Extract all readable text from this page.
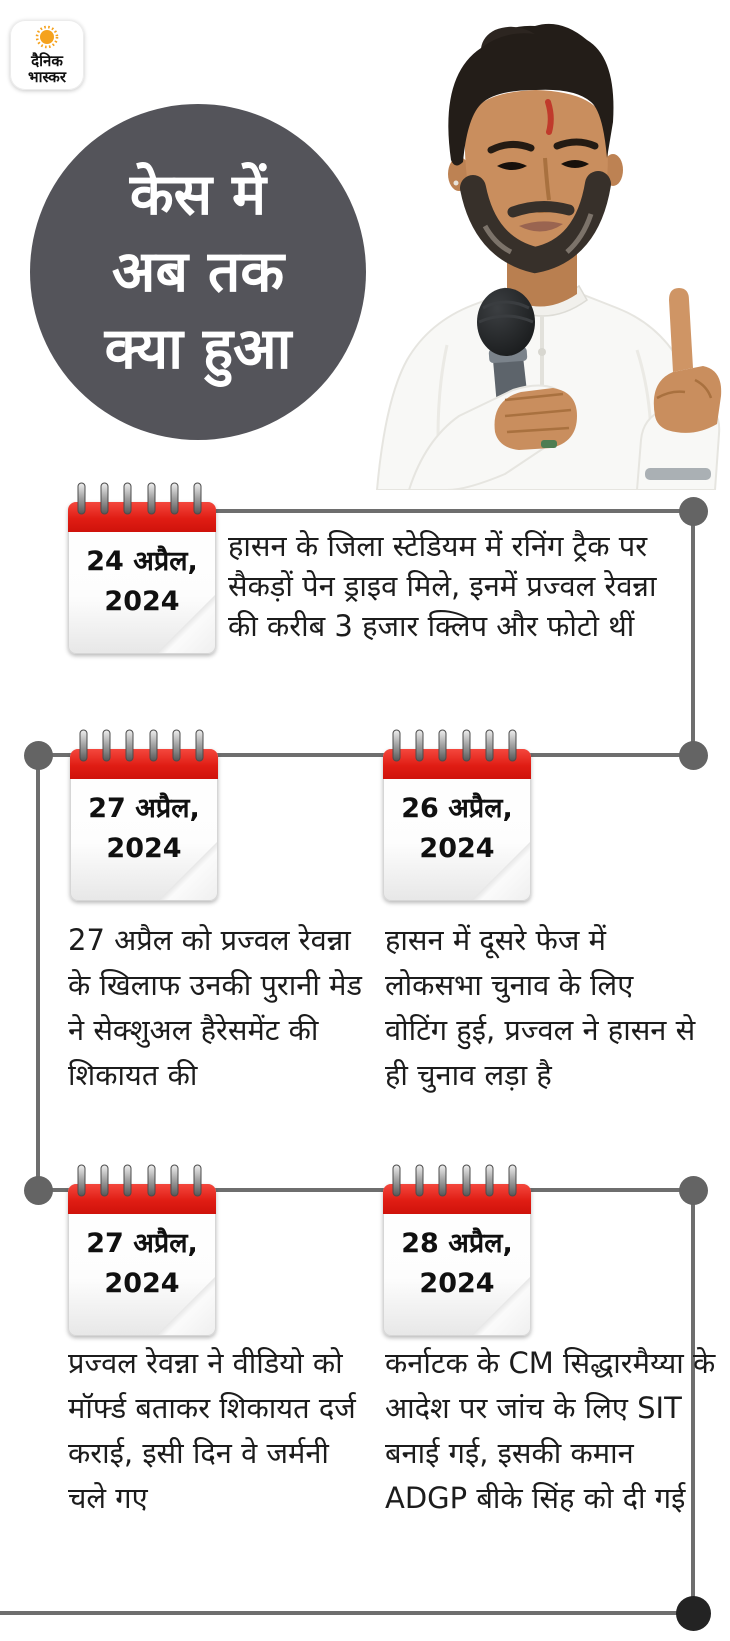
दैनिक
भास्कर
केस में
अब तक
क्या हुआ
24 अप्रैल,
2024
27 अप्रैल,
2024
26 अप्रैल,
2024
27 अप्रैल,
2024
28 अप्रैल,
2024
हासन के जिला स्टेडियम में रनिंग ट्रैक पर सैकड़ों पेन ड्राइव मिले, इनमें प्रज्वल रेवन्ना की करीब 3 हजार क्लिप और फोटो थीं
27 अप्रैल को प्रज्वल रेवन्ना के खिलाफ उनकी पुरानी मेड ने सेक्शुअल हैरेसमेंट की शिकायत की
हासन में दूसरे फेज में लोकसभा चुनाव के लिए वोटिंग हुई, प्रज्वल ने हासन से ही चुनाव लड़ा है
प्रज्वल रेवन्ना ने वीडियो को मॉर्फ्ड बताकर शिकायत दर्ज कराई, इसी दिन वे जर्मनी चले गए
कर्नाटक के CM सिद्धारमैय्या के आदेश पर जांच के लिए SIT बनाई गई, इसकी कमान ADGP बीके सिंह को दी गई
